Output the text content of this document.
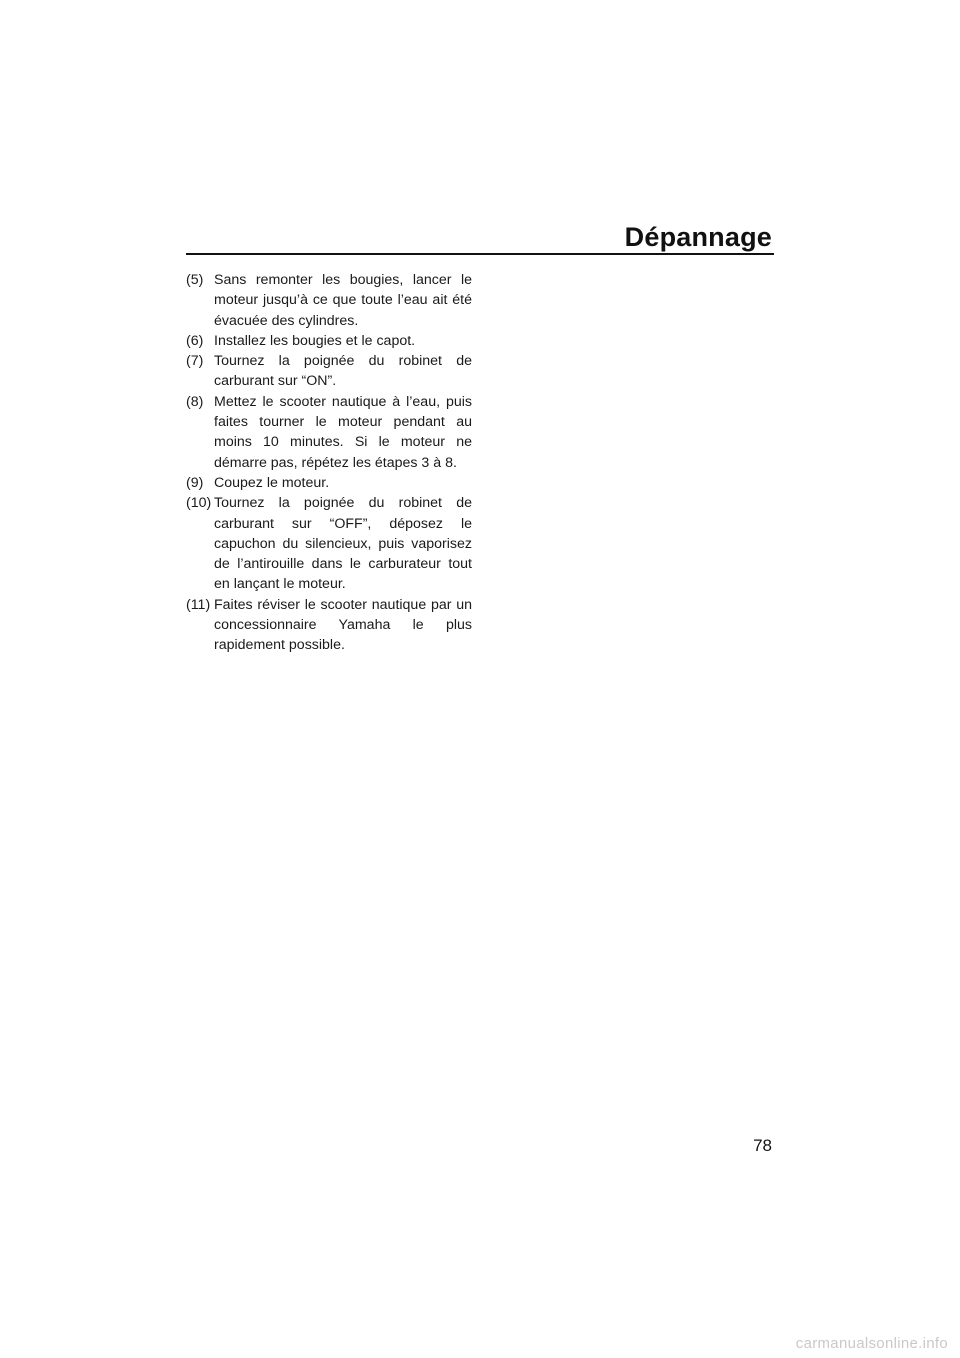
Dépannage
(5) Sans remonter les bougies, lancer le moteur jusqu’à ce que toute l’eau ait été évacuée des cylindres.
(6) Installez les bougies et le capot.
(7) Tournez la poignée du robinet de carburant sur “ON”.
(8) Mettez le scooter nautique à l’eau, puis faites tourner le moteur pendant au moins 10 minutes. Si le moteur ne démarre pas, répétez les étapes 3 à 8.
(9) Coupez le moteur.
(10) Tournez la poignée du robinet de carburant sur “OFF”, déposez le capuchon du silencieux, puis vaporisez de l’antirouille dans le carburateur tout en lançant le moteur.
(11) Faites réviser le scooter nautique par un concessionnaire Yamaha le plus rapidement possible.
78
carmanualsonline.info
